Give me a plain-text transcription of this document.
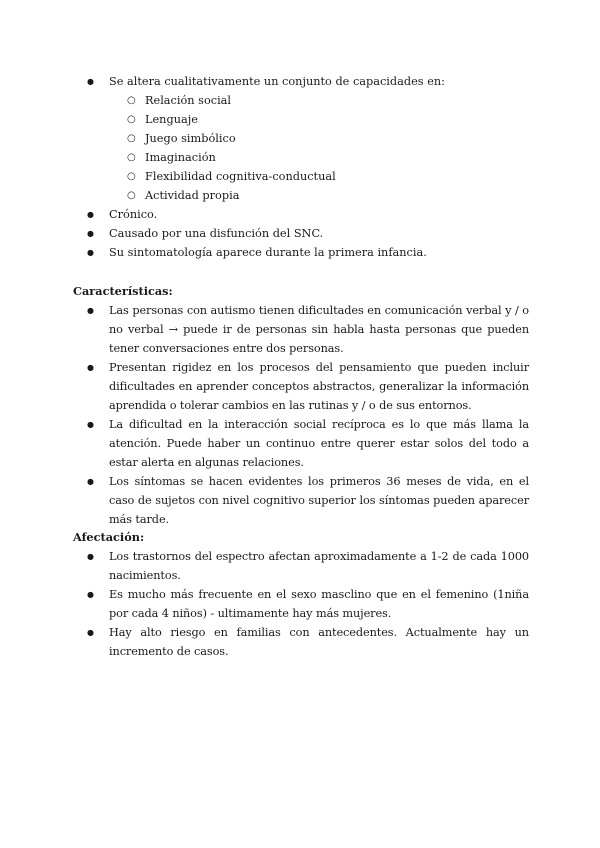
● Se altera cualitativamente un conjunto de capacidades en:
○ Relación social
○ Lenguaje
○ Juego simbólico
○ Imaginación
○ Flexibilidad cognitiva-conductual
○ Actividad propia
● Crónico.
● Causado por una disfunción del SNC.
● Su sintomatología aparece durante la primera infancia.
Características:
● Las personas con autismo tienen dificultades en comunicación verbal y / o no verbal → puede ir de personas sin habla hasta personas que pueden tener conversaciones entre dos personas.
● Presentan rigidez en los procesos del pensamiento que pueden incluir dificultades en aprender conceptos abstractos, generalizar la información aprendida o tolerar cambios en las rutinas y / o de sus entornos.
● La dificultad en la interacción social recíproca es lo que más llama la atención. Puede haber un continuo entre querer estar solos del todo a estar alerta en algunas relaciones.
● Los síntomas se hacen evidentes los primeros 36 meses de vida, en el caso de sujetos con nivel cognitivo superior los síntomas pueden aparecer más tarde.
Afectación:
● Los trastornos del espectro afectan aproximadamente a 1-2 de cada 1000 nacimientos.
● Es mucho más frecuente en el sexo masclino que en el femenino (1niña por cada 4 niños) - ultimamente hay más mujeres.
● Hay alto riesgo en familias con antecedentes. Actualmente hay un incremento de casos.
